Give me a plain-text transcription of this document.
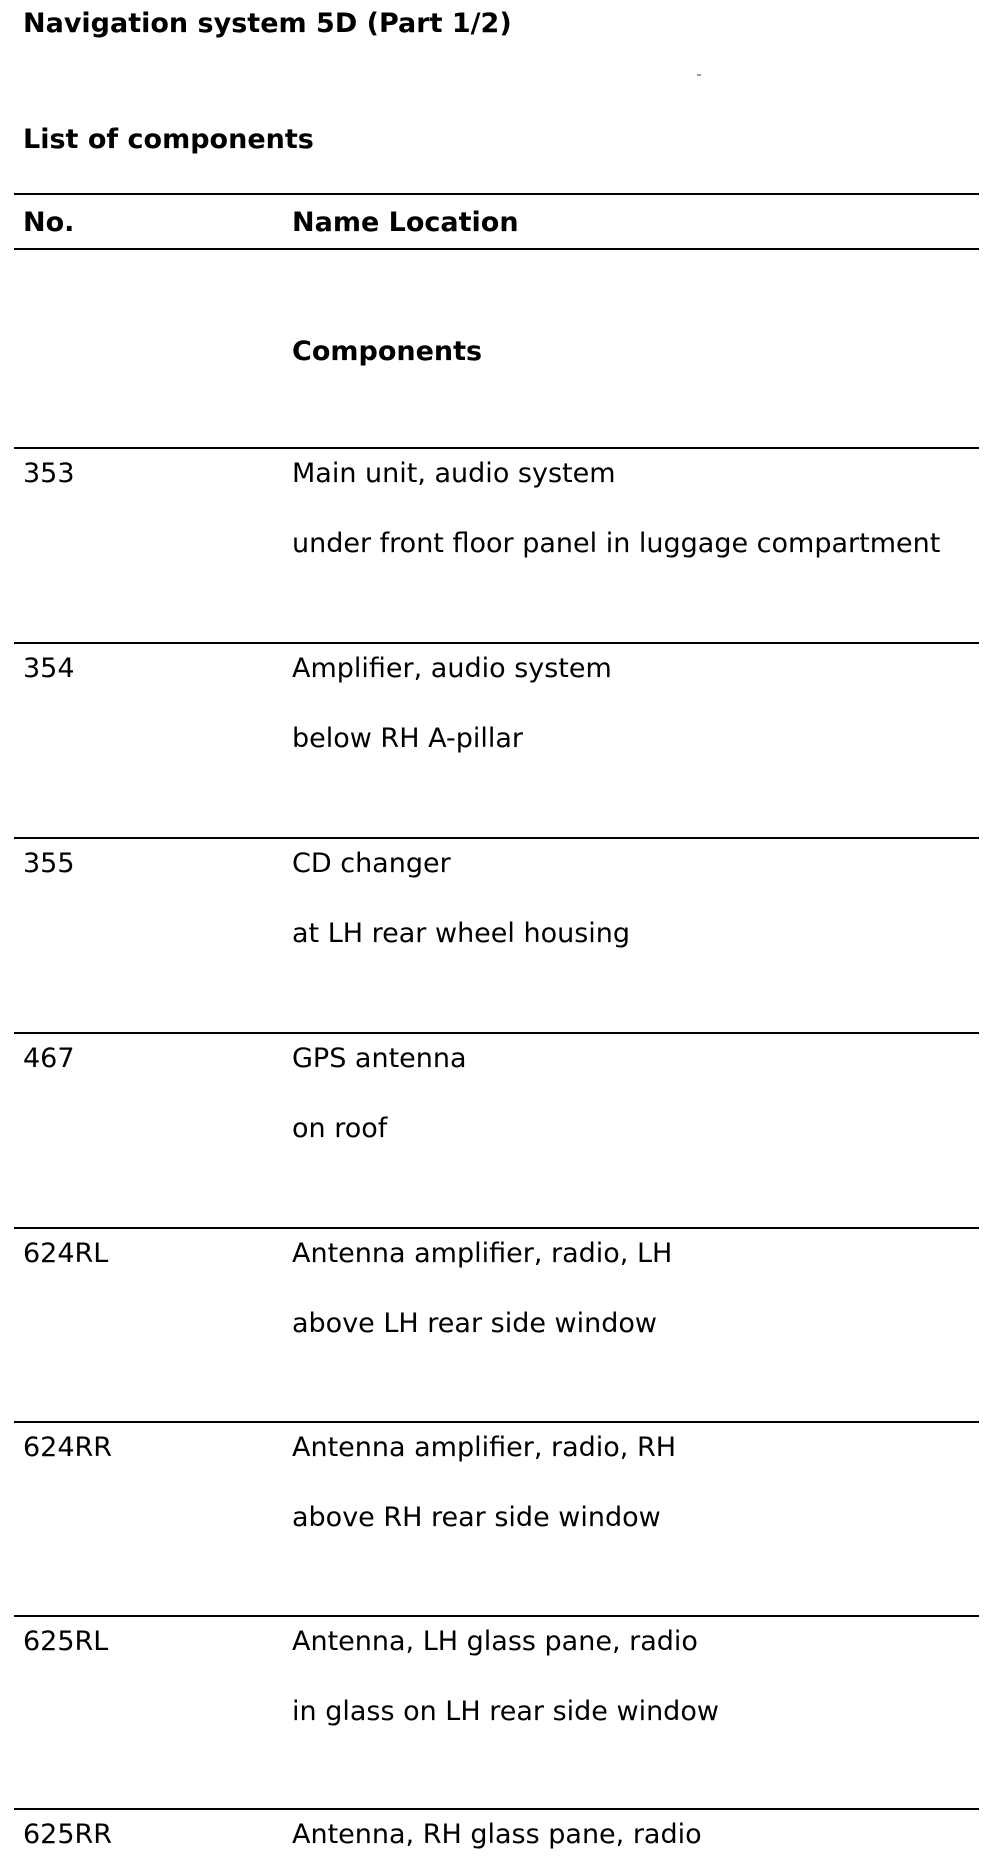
Navigation system 5D (Part 1/2)
List of components
No.	Name Location
Components
353	Main unit, audio system
under front floor panel in luggage compartment
354	Amplifier, audio system
below RH A-pillar
355	CD changer
at LH rear wheel housing
467	GPS antenna
on roof
624RL	Antenna amplifier, radio, LH
above LH rear side window
624RR	Antenna amplifier, radio, RH
above RH rear side window
625RL	Antenna, LH glass pane, radio
in glass on LH rear side window
625RR	Antenna, RH glass pane, radio
